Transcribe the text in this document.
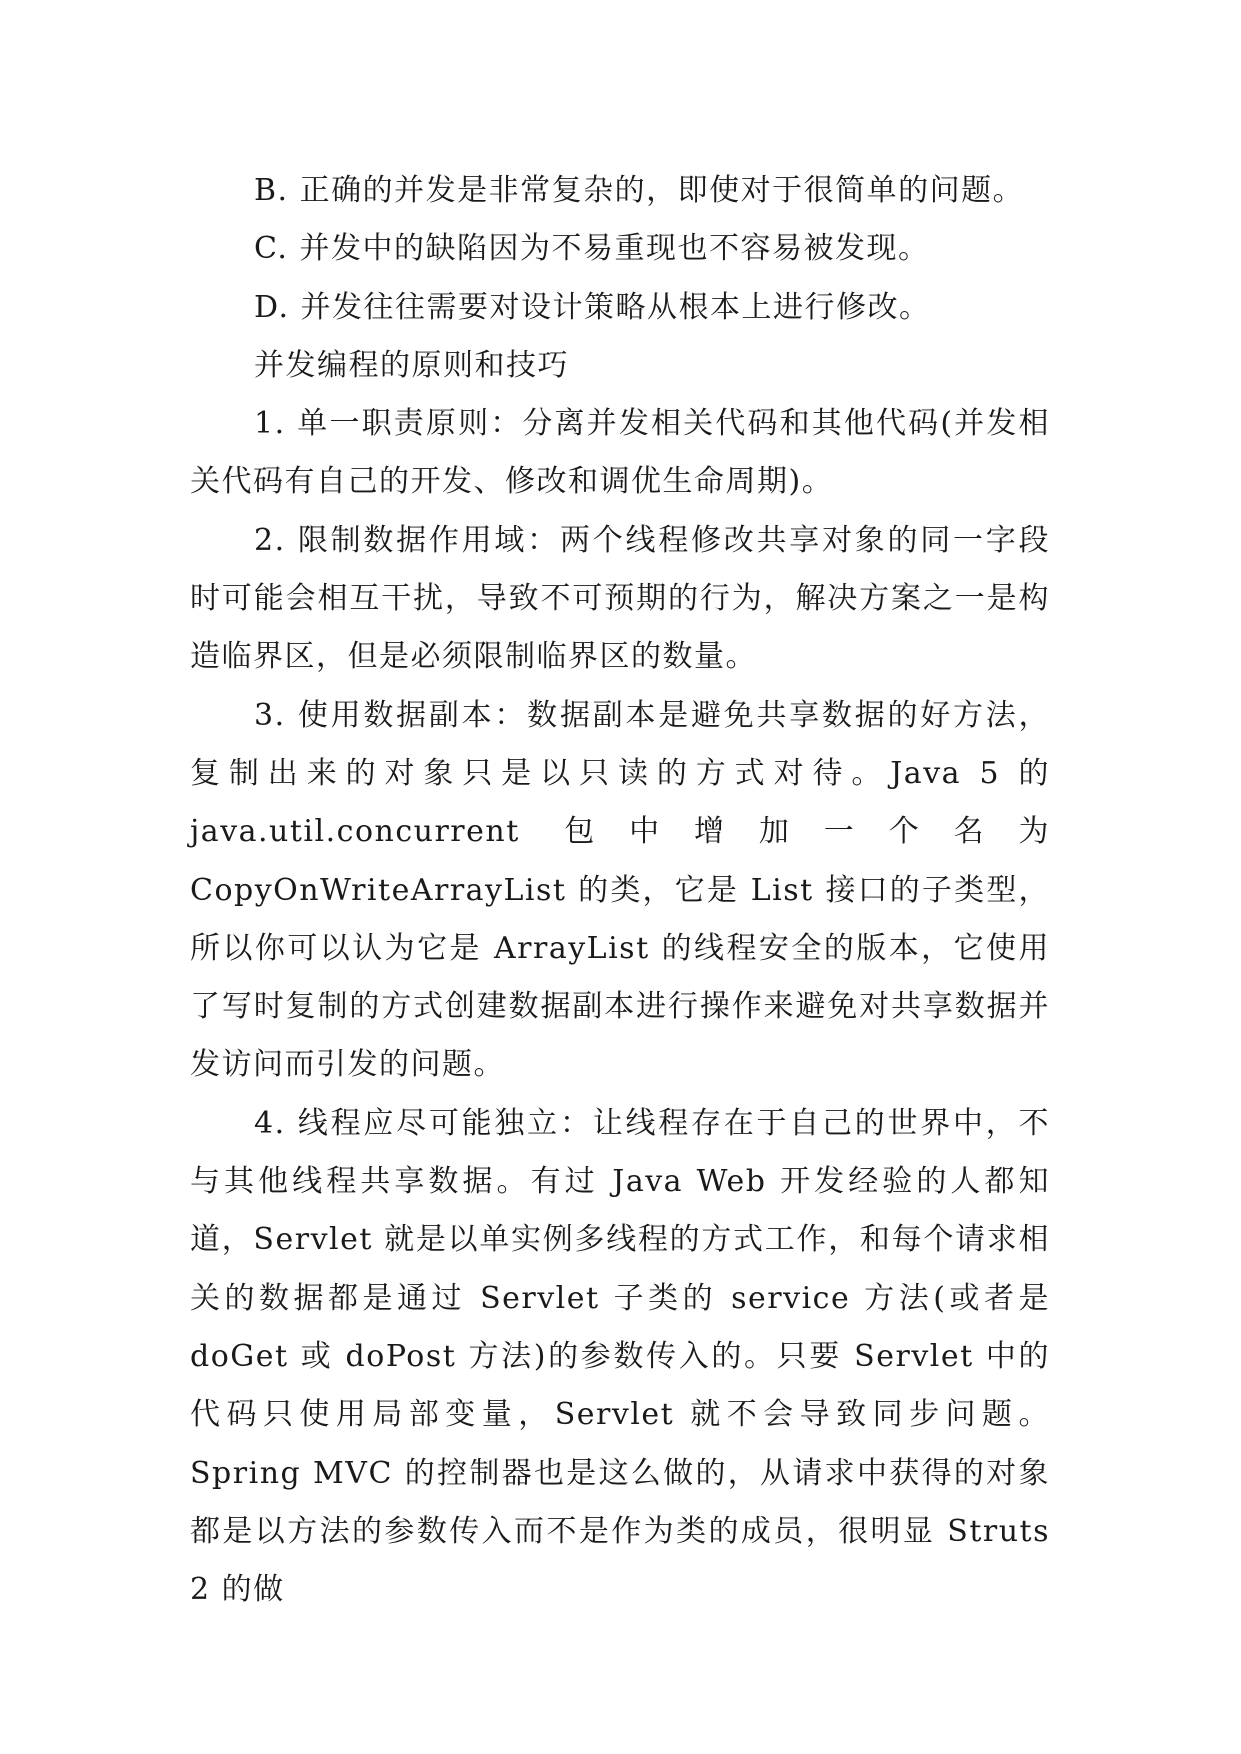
B. 正确的并发是非常复杂的，即使对于很简单的问题。

C. 并发中的缺陷因为不易重现也不容易被发现。

D. 并发往往需要对设计策略从根本上进行修改。

并发编程的原则和技巧

1. 单一职责原则：分离并发相关代码和其他代码(并发相关代码有自己的开发、修改和调优生命周期)。

2. 限制数据作用域：两个线程修改共享对象的同一字段时可能会相互干扰，导致不可预期的行为，解决方案之一是构造临界区，但是必须限制临界区的数量。

3. 使用数据副本：数据副本是避免共享数据的好方法，复制出来的对象只是以只读的方式对待。Java 5 的 java.util.concurrent 包中增加一个名为 CopyOnWriteArrayList 的类，它是 List 接口的子类型，所以你可以认为它是 ArrayList 的线程安全的版本，它使用了写时复制的方式创建数据副本进行操作来避免对共享数据并发访问而引发的问题。

4. 线程应尽可能独立：让线程存在于自己的世界中，不与其他线程共享数据。有过 Java Web 开发经验的人都知道，Servlet 就是以单实例多线程的方式工作，和每个请求相关的数据都是通过 Servlet 子类的 service 方法(或者是 doGet 或 doPost 方法)的参数传入的。只要 Servlet 中的代码只使用局部变量，Servlet 就不会导致同步问题。Spring MVC 的控制器也是这么做的，从请求中获得的对象都是以方法的参数传入而不是作为类的成员，很明显 Struts 2 的做
